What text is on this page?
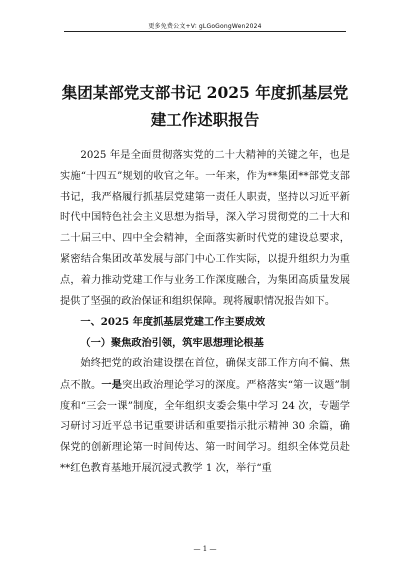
更多免费公文+V∶ gLGoGongWen2024
集团某部党支部书记 2025 年度抓基层党
建工作述职报告

2025 年是全面贯彻落实党的二十大精神的关键之年，也是实施“十四五”规划的收官之年。一年来，作为**集团**部党支部书记，我严格履行抓基层党建第一责任人职责，坚持以习近平新时代中国特色社会主义思想为指导，深入学习贯彻党的二十大和二十届三中、四中全会精神，全面落实新时代党的建设总要求，紧密结合集团改革发展与部门中心工作实际，以提升组织力为重点，着力推动党建工作与业务工作深度融合，为集团高质量发展提供了坚强的政治保证和组织保障。现将履职情况报告如下。

一、2025 年度抓基层党建工作主要成效

（一）聚焦政治引领，筑牢思想理论根基

始终把党的政治建设摆在首位，确保支部工作方向不偏、焦点不散。一是突出政治理论学习的深度。严格落实“第一议题”制度和“三会一课”制度，全年组织支委会集中学习 24 次，专题学习研讨习近平总书记重要讲话和重要指示批示精神 30 余篇，确保党的创新理论第一时间传达、第一时间学习。组织全体党员赴**红色教育基地开展沉浸式教学 1 次，举行“重

— 1 —
